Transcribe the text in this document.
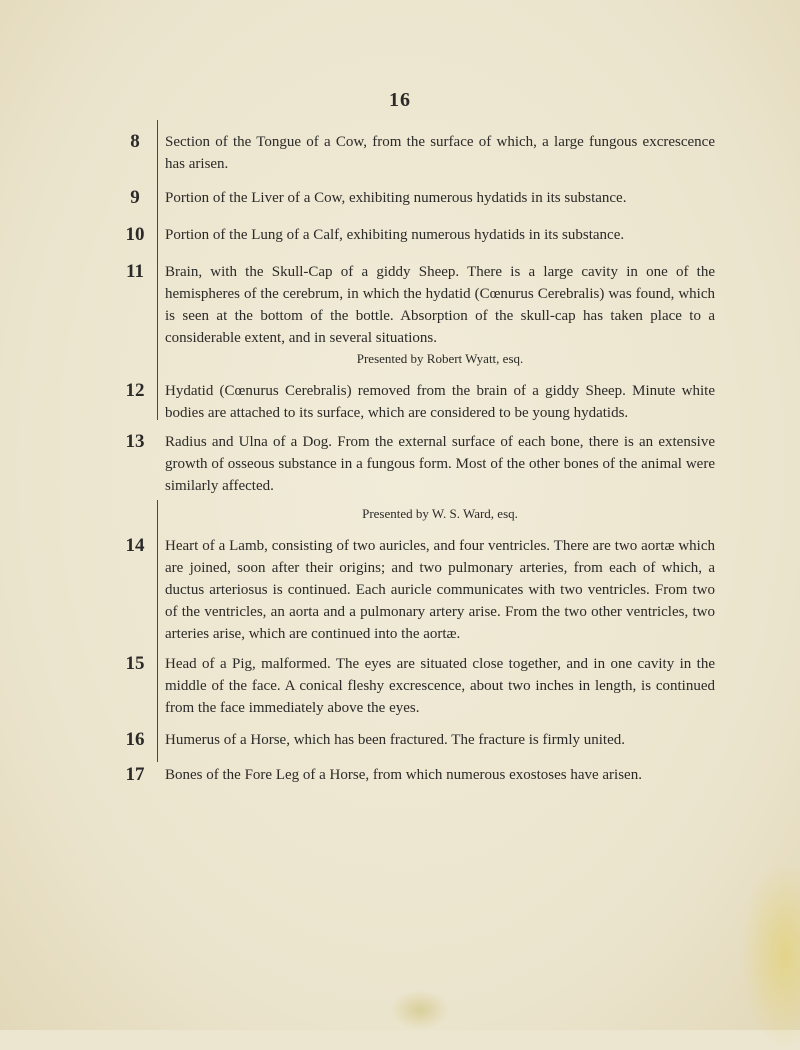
16
8	Section of the Tongue of a Cow, from the surface of which, a large fungous excrescence has arisen.
9	Portion of the Liver of a Cow, exhibiting numerous hydatids in its substance.
10	Portion of the Lung of a Calf, exhibiting numerous hydatids in its substance.
11	Brain, with the Skull-Cap of a giddy Sheep. There is a large cavity in one of the hemispheres of the cerebrum, in which the hydatid (Cœnurus Cerebralis) was found, which is seen at the bottom of the bottle. Absorption of the skull-cap has taken place to a considerable extent, and in several situations.
Presented by Robert Wyatt, esq.
12	Hydatid (Cœnurus Cerebralis) removed from the brain of a giddy Sheep. Minute white bodies are attached to its surface, which are considered to be young hydatids.
13	Radius and Ulna of a Dog. From the external surface of each bone, there is an extensive growth of osseous substance in a fungous form. Most of the other bones of the animal were similarly affected.
Presented by W. S. Ward, esq.
14	Heart of a Lamb, consisting of two auricles, and four ventricles. There are two aortæ which are joined, soon after their origins; and two pulmonary arteries, from each of which, a ductus arteriosus is continued. Each auricle communicates with two ventricles. From two of the ventricles, an aorta and a pulmonary artery arise. From the two other ventricles, two arteries arise, which are continued into the aortæ.
15	Head of a Pig, malformed. The eyes are situated close together, and in one cavity in the middle of the face. A conical fleshy excrescence, about two inches in length, is continued from the face immediately above the eyes.
16	Humerus of a Horse, which has been fractured. The fracture is firmly united.
17	Bones of the Fore Leg of a Horse, from which numerous exostoses have arisen.
